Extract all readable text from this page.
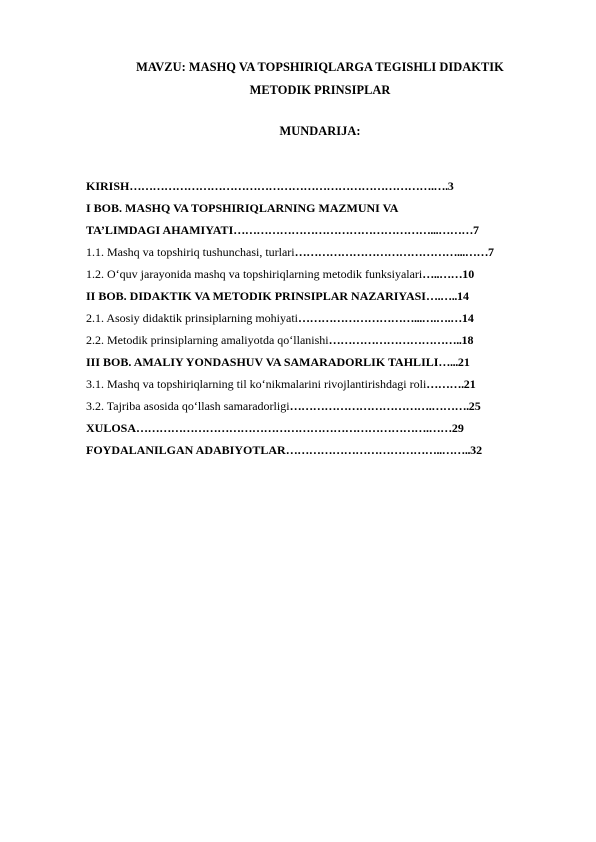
MAVZU: MASHQ VA TOPSHIRIQLARGA TEGISHLI DIDAKTIK
METODIK PRINSIPLAR
MUNDARIJA:
KIRISH…………………………………………………………………….….3
I BOB. MASHQ VA TOPSHIRIQLARNING MAZMUNI VA
TA’LIMDAGI AHAMIYATI……………………………………………...………7
1.1. Mashq va topshiriq tushunchasi, turlari……………………………………...……7
1.2. O‘quv jarayonida mashq va topshiriqlarning metodik funksiyalari…..……10
II BOB. DIDAKTIK VA METODIK PRINSIPLAR NAZARIYASI….…..14
2.1. Asosiy didaktik prinsiplarning mohiyati…………………………...….….…14
2.2. Metodik prinsiplarning amaliyotda qo‘llanishi……………………………..18
III BOB. AMALIY YONDASHUV VA SAMARADORLIK TAHLILI…...21
3.1. Mashq va topshiriqlarning til ko‘nikmalarini rivojlantirishdagi roli……….21
3.2. Tajriba asosida qo‘llash samaradorligi……………………………….……….25
XULOSA………………………………………………………………….……29
FOYDALANILGAN ADABIYOTLAR…………………………………..……..32
